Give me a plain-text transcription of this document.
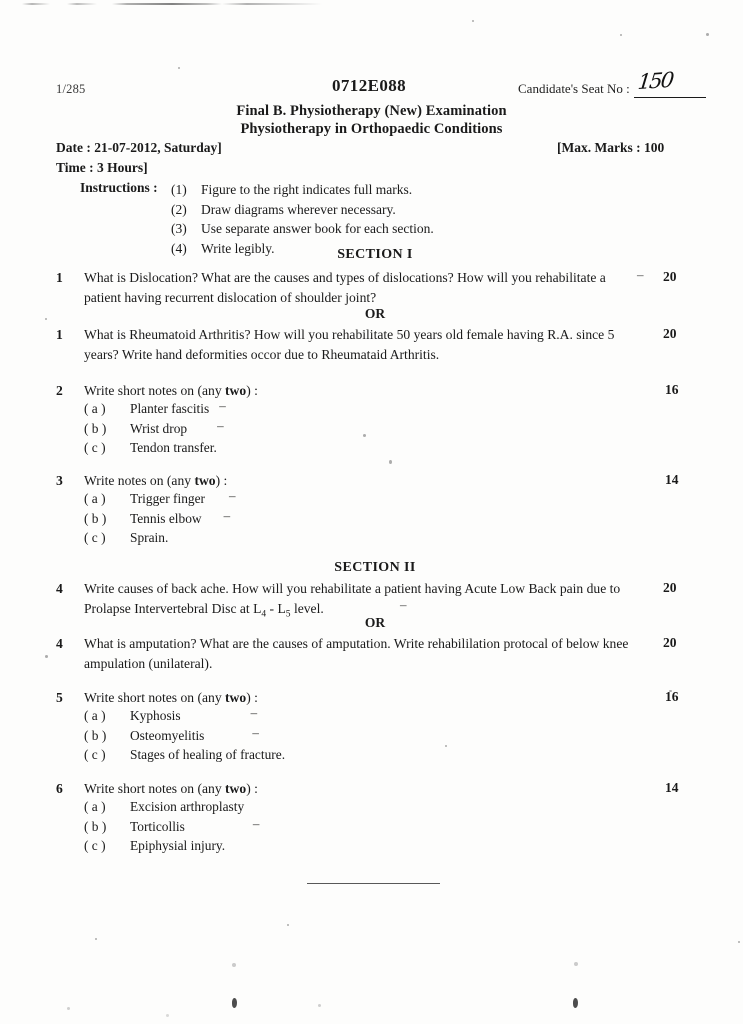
1/285	0712E088	Candidate's Seat No : 150
Final B. Physiotherapy (New) Examination
Physiotherapy in Orthopaedic Conditions
Date : 21-07-2012, Saturday]	[Max. Marks : 100
Time : 3 Hours]
Instructions : (1) Figure to the right indicates full marks.
(2) Draw diagrams wherever necessary.
(3) Use separate answer book for each section.
(4) Write legibly.	SECTION I
1	What is Dislocation? What are the causes and types of dislocations? How will you rehabilitate a patient having recurrent dislocation of shoulder joint?
– 20
OR
1	What is Rheumatoid Arthritis? How will you rehabilitate 50 years old female having R.A. since 5 years? Write hand deformities occor due to Rheumataid Arthritis.
20
2	Write short notes on (any two) :	16
( a ) Planter fascitis –
( b ) Wrist drop –
( c ) Tendon transfer.
3	Write notes on (any two) :	14
( a ) Trigger finger –
( b ) Tennis elbow –
( c ) Sprain.
SECTION II
4	Write causes of back ache. How will you rehabilitate a patient having Acute Low Back pain due to Prolapse Intervertebral Disc at $L_4 - L_5$ level.
20
–
OR
4	What is amputation? What are the causes of amputation. Write rehabililation protocal of below knee ampulation (unilateral).
20
5	Write short notes on (any two) :	16
( a ) Kyphosis	–
( b ) Osteomyelitis	–
( c ) Stages of healing of fracture.
6	Write short notes on (any two) :	14
( a ) Excision arthroplasty
( b ) Torticollis	–
( c ) Epiphysial injury.
